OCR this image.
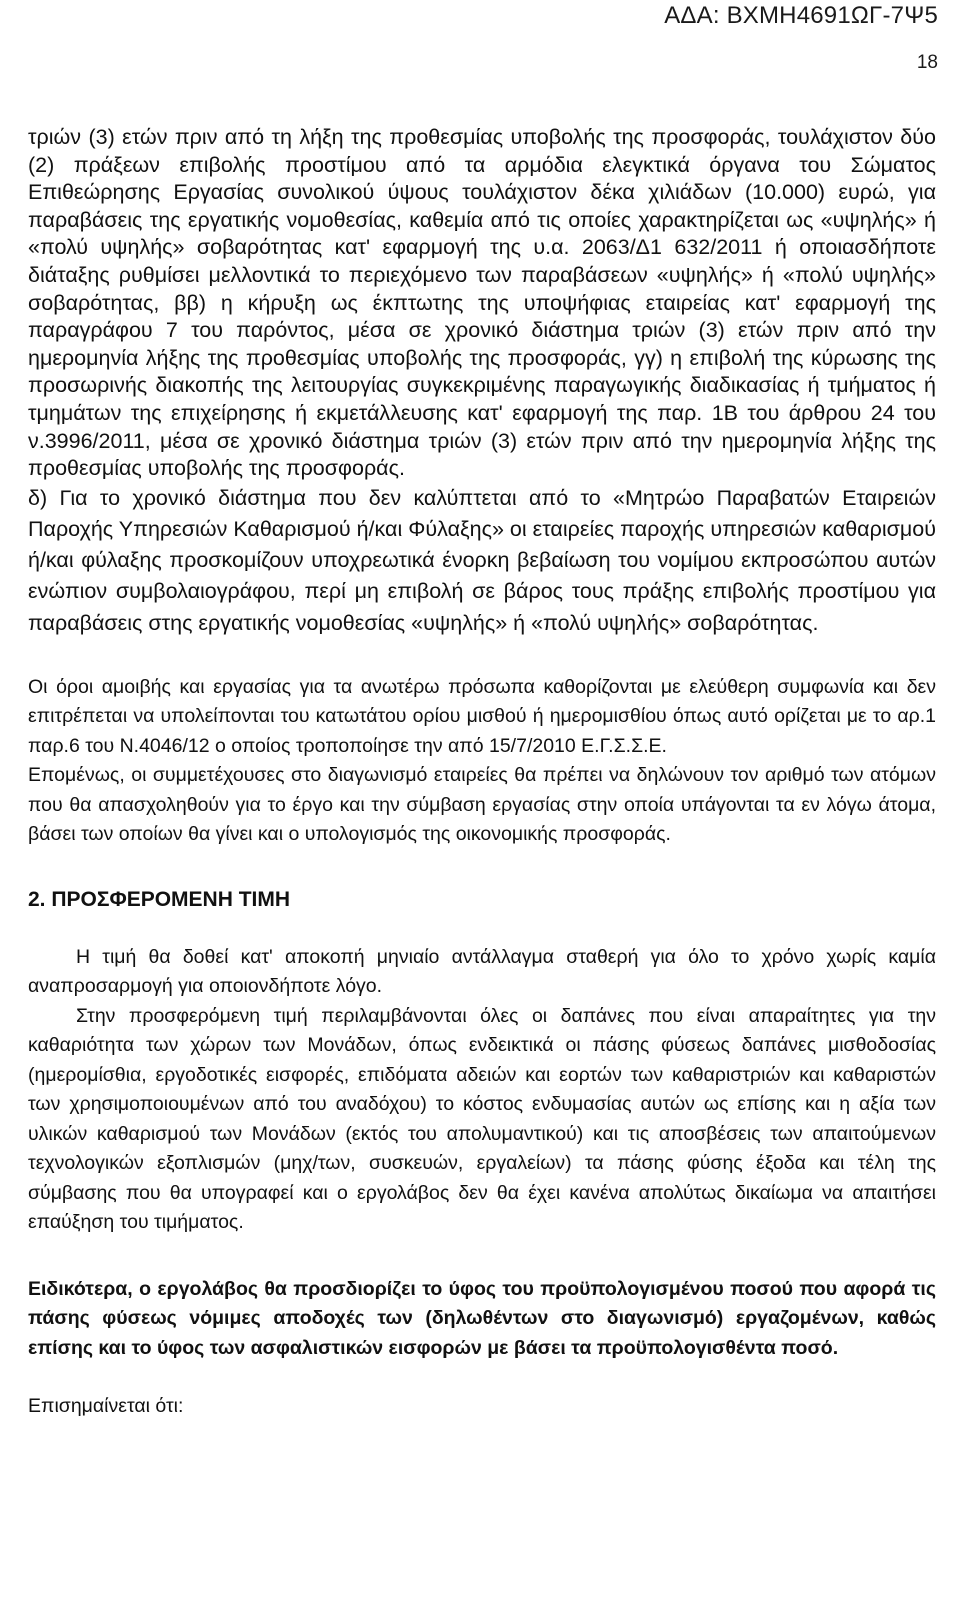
ΑΔΑ: ΒΧΜΗ4691ΩΓ-7Ψ5
18

τριών (3) ετών πριν από τη λήξη της προθεσμίας υποβολής της προσφοράς, τουλάχιστον δύο (2) πράξεων επιβολής προστίμου από τα αρμόδια ελεγκτικά όργανα του Σώματος Επιθεώρησης Εργασίας συνολικού ύψους τουλάχιστον δέκα χιλιάδων (10.000) ευρώ, για παραβάσεις της εργατικής νομοθεσίας, καθεμία από τις οποίες χαρακτηρίζεται ως «υψηλής» ή «πολύ υψηλής» σοβαρότητας κατ' εφαρμογή της υ.α. 2063/Δ1 632/2011 ή οποιασδήποτε διάταξης ρυθμίσει μελλοντικά το περιεχόμενο των παραβάσεων «υψηλής» ή «πολύ υψηλής» σοβαρότητας, ββ) η κήρυξη ως έκπτωτης της υποψήφιας εταιρείας κατ' εφαρμογή της παραγράφου 7 του παρόντος, μέσα σε χρονικό διάστημα τριών (3) ετών πριν από την ημερομηνία λήξης της προθεσμίας υποβολής της προσφοράς, γγ) η επιβολή της κύρωσης της προσωρινής διακοπής της λειτουργίας συγκεκριμένης παραγωγικής διαδικασίας ή τμήματος ή τμημάτων της επιχείρησης ή εκμετάλλευσης κατ' εφαρμογή της παρ. 1Β του άρθρου 24 του ν.3996/2011, μέσα σε χρονικό διάστημα τριών (3) ετών πριν από την ημερομηνία λήξης της προθεσμίας υποβολής της προσφοράς.

δ) Για το χρονικό διάστημα που δεν καλύπτεται από το «Μητρώο Παραβατών Εταιρειών Παροχής Υπηρεσιών Καθαρισμού ή/και Φύλαξης» οι εταιρείες παροχής υπηρεσιών καθαρισμού ή/και φύλαξης προσκομίζουν υποχρεωτικά ένορκη βεβαίωση του νομίμου εκπροσώπου αυτών ενώπιον συμβολαιογράφου, περί μη επιβολή σε βάρος τους πράξης επιβολής προστίμου για παραβάσεις στης εργατικής νομοθεσίας «υψηλής» ή «πολύ υψηλής» σοβαρότητας.

Οι όροι αμοιβής και εργασίας για τα ανωτέρω πρόσωπα καθορίζονται με ελεύθερη συμφωνία και δεν επιτρέπεται να υπολείπονται του κατωτάτου ορίου μισθού ή ημερομισθίου όπως αυτό ορίζεται με το αρ.1 παρ.6 του Ν.4046/12 ο οποίος τροποποίησε την από 15/7/2010 Ε.Γ.Σ.Σ.Ε.

Επομένως, οι συμμετέχουσες στο διαγωνισμό εταιρείες θα πρέπει να δηλώνουν τον αριθμό των ατόμων που θα απασχοληθούν για το έργο και την σύμβαση εργασίας στην οποία υπάγονται τα εν λόγω άτομα, βάσει των οποίων θα γίνει και ο υπολογισμός της οικονομικής προσφοράς.

2. ΠΡΟΣΦΕΡΟΜΕΝΗ ΤΙΜΗ

Η τιμή θα δοθεί κατ' αποκοπή μηνιαίο αντάλλαγμα σταθερή για όλο το χρόνο χωρίς καμία αναπροσαρμογή για οποιονδήποτε λόγο.

Στην προσφερόμενη τιμή περιλαμβάνονται όλες οι δαπάνες που είναι απαραίτητες για την καθαριότητα των χώρων των Μονάδων, όπως ενδεικτικά οι πάσης φύσεως δαπάνες μισθοδοσίας (ημερομίσθια, εργοδοτικές εισφορές, επιδόματα αδειών και εορτών των καθαριστριών και καθαριστών των χρησιμοποιουμένων από του αναδόχου) το κόστος ενδυμασίας αυτών ως επίσης και η αξία των υλικών καθαρισμού των Μονάδων (εκτός του απολυμαντικού) και τις αποσβέσεις των απαιτούμενων τεχνολογικών εξοπλισμών (μηχ/των, συσκευών, εργαλείων) τα πάσης φύσης έξοδα και τέλη της σύμβασης που θα υπογραφεί και ο εργολάβος δεν θα έχει κανένα απολύτως δικαίωμα να απαιτήσει επαύξηση του τιμήματος.

Ειδικότερα, ο εργολάβος θα προσδιορίζει το ύφος του προϋπολογισμένου ποσού που αφορά τις πάσης φύσεως νόμιμες αποδοχές των (δηλωθέντων στο διαγωνισμό) εργαζομένων, καθώς επίσης και το ύφος των ασφαλιστικών εισφορών με βάσει τα προϋπολογισθέντα ποσό.

Επισημαίνεται ότι:
